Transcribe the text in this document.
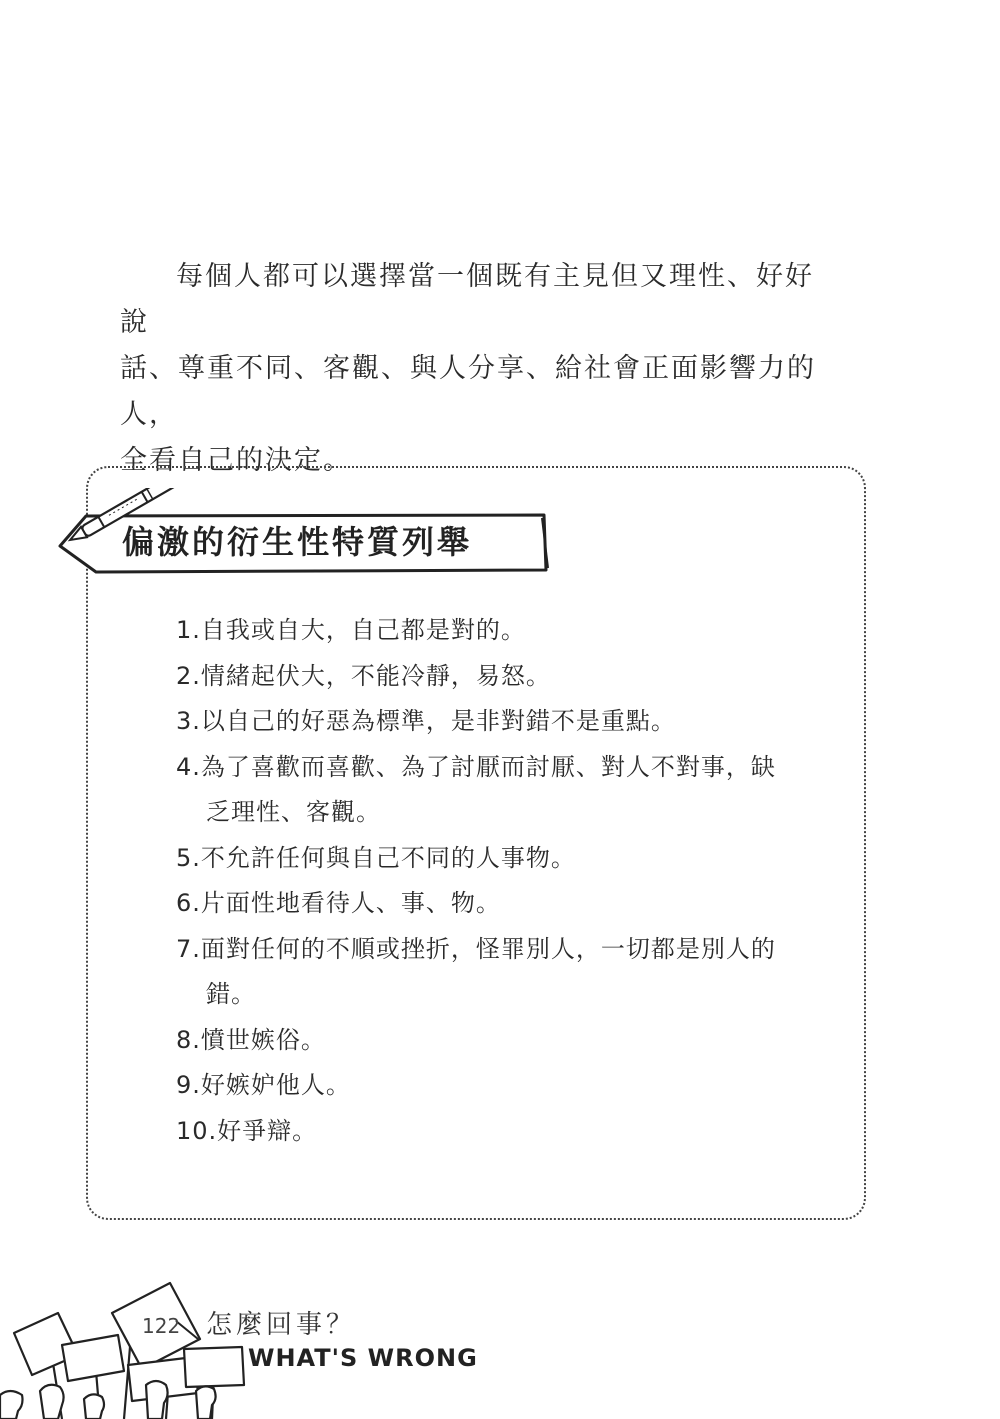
每個人都可以選擇當一個既有主見但又理性、好好說

話、尊重不同、客觀、與人分享、給社會正面影響力的人，

全看自己的決定。

偏激的衍生性特質列舉
1.自我或自大，自己都是對的。
2.情緒起伏大，不能冷靜，易怒。
3.以自己的好惡為標準，是非對錯不是重點。
4.為了喜歡而喜歡、為了討厭而討厭、對人不對事，缺
乏理性、客觀。
5.不允許任何與自己不同的人事物。
6.片面性地看待人、事、物。
7.面對任何的不順或挫折，怪罪別人，一切都是別人的
錯。
8.憤世嫉俗。
9.好嫉妒他人。
10.好爭辯。
122 怎麼回事？
WHAT'S WRONG
